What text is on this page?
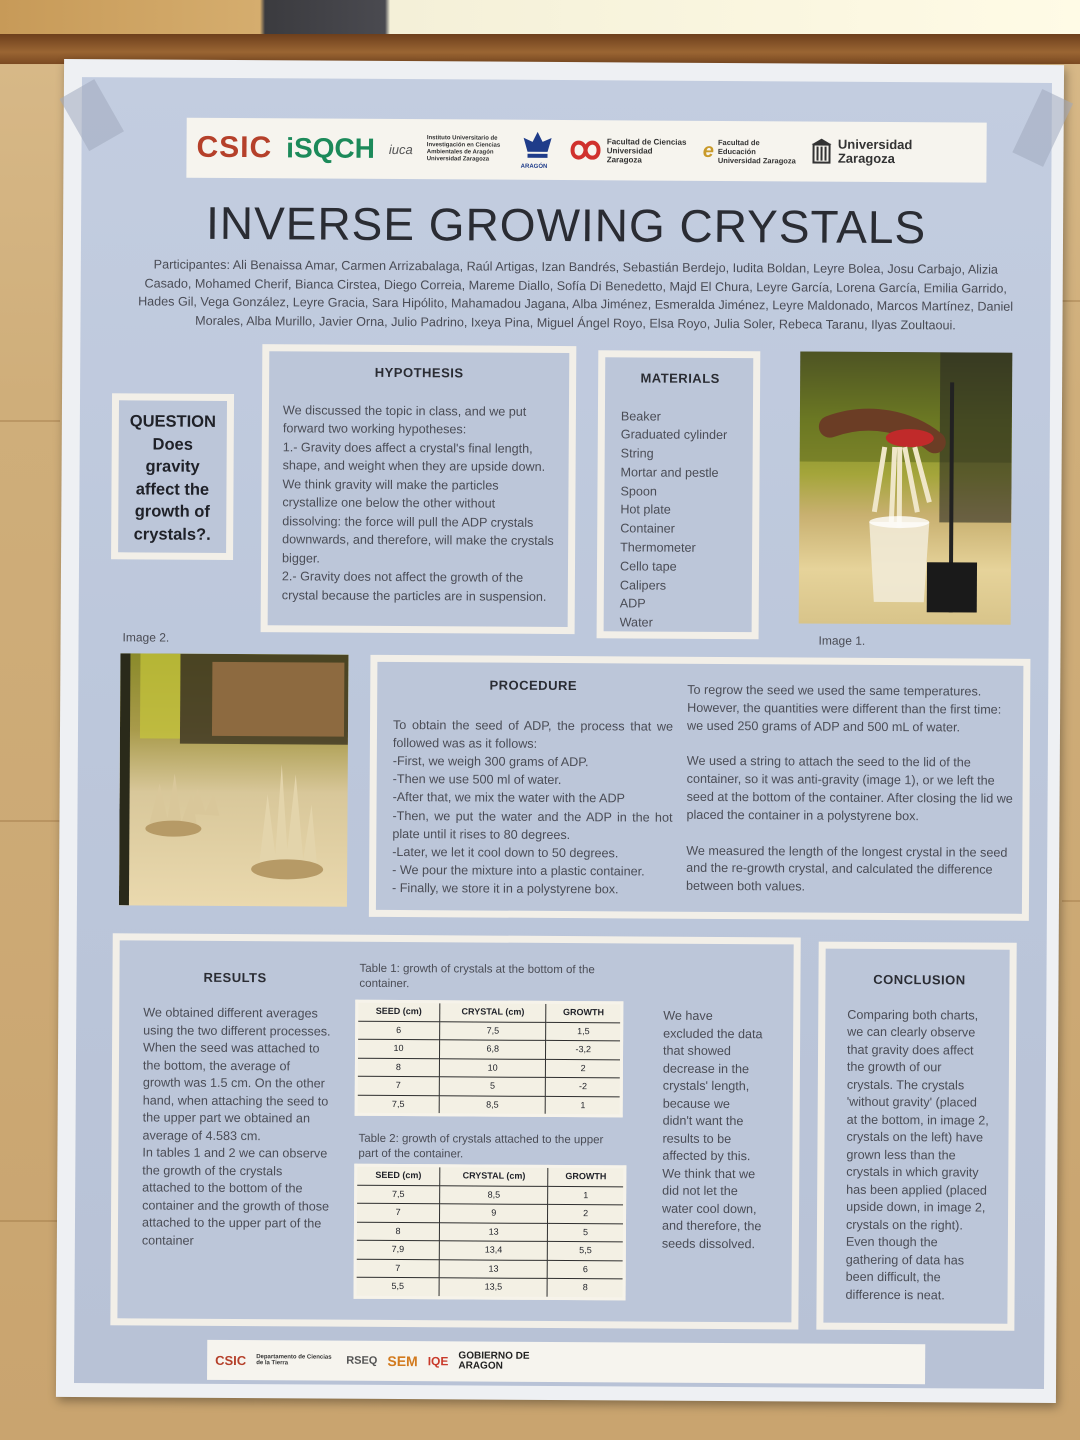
CSIC iSQCH iuca
Instituto Universitario de Investigación en Ciencias Ambientales de Aragón Universidad Zaragoza
ARAGÓN
Facultad de Ciencias Universidad Zaragoza	e Facultad de Educación Universidad Zaragoza
Universidad Zaragoza
INVERSE GROWING CRYSTALS

Participantes: Ali Benaissa Amar, Carmen Arrizabalaga, Raúl Artigas, Izan Bandrés, Sebastián Berdejo, Iudita Boldan, Leyre Bolea, Josu Carbajo, Alizia Casado, Mohamed Cherif, Bianca Cirstea, Diego Correia, Mareme Diallo, Sofía Di Benedetto, Majd El Chura, Leyre García, Lorena García, Emilia Garrido, Hades Gil, Vega González, Leyre Gracia, Sara Hipólito, Mahamadou Jagana, Alba Jiménez, Esmeralda Jiménez, Leyre Maldonado, Marcos Martínez, Daniel Morales, Alba Murillo, Javier Orna, Julio Padrino, Ixeya Pina, Miguel Ángel Royo, Elsa Royo, Julia Soler, Rebeca Taranu, Ilyas Zoultaoui.

QUESTION
Does gravity affect the growth of crystals?.
HYPOTHESIS

We discussed the topic in class, and we put forward two working hypotheses:
1.- Gravity does affect a crystal's final length, shape, and weight when they are upside down. We think gravity will make the particles crystallize one below the other without dissolving: the force will pull the ADP crystals downwards, and therefore, will make the crystals bigger.
2.- Gravity does not affect the growth of the crystal because the particles are in suspension.

MATERIALS
Beaker
Graduated cylinder
String
Mortar and pestle
Spoon
Hot plate
Container
Thermometer
Cello tape
Calipers
ADP
Water
Image 1.
Image 2.
PROCEDURE

To obtain the seed of ADP, the process that we followed was as it follows:
-First, we weigh 300 grams of ADP.
-Then we use 500 ml of water.
-After that, we mix the water with the ADP
-Then, we put the water and the ADP in the hot plate until it rises to 80 degrees.
-Later, we let it cool down to 50 degrees.
- We pour the mixture into a plastic container.
- Finally, we store it in a polystyrene box.

To regrow the seed we used the same temperatures. However, the quantities were different than the first time: we used 250 grams of ADP and 500 mL of water.

We used a string to attach the seed to the lid of the container, so it was anti-gravity (image 1), or we left the seed at the bottom of the container. After closing the lid we placed the container in a polystyrene box.

We measured the length of the longest crystal in the seed and the re-growth crystal, and calculated the difference between both values.

RESULTS

We obtained different averages using the two different processes. When the seed was attached to the bottom, the average of growth was 1.5 cm. On the other hand, when attaching the seed to the upper part we obtained an average of 4.583 cm.
In tables 1 and 2 we can observe the growth of the crystals attached to the bottom of the container and the growth of those attached to the upper part of the container

Table 1: growth of crystals at the bottom of the container.
SEED (cm)	CRYSTAL (cm)	GROWTH
6	7,5	1,5
10	6,8	-3,2
8	10	2
7	5	-2
7,5	8,5	1
Table 2: growth of crystals attached to the upper part of the container.
SEED (cm)	CRYSTAL (cm)	GROWTH
7,5	8,5	1
7	9	2
8	13	5
7,9	13,4	5,5
7	13	6
5,5	13,5	8

We have excluded the data that showed decrease in the crystals' length, because we didn't want the results to be affected by this. We think that we did not let the water cool down, and therefore, the seeds dissolved.

CONCLUSION

Comparing both charts, we can clearly observe that gravity does affect the growth of our crystals. The crystals 'without gravity' (placed at the bottom, in image 2, crystals on the left) have grown less than the crystals in which gravity has been applied (placed upside down, in image 2, crystals on the right). Even though the gathering of data has been difficult, the difference is neat.

CSIC Departamento de Ciencias de la Tierra	RSEQ SEM IQE GOBIERNO DE ARAGON
